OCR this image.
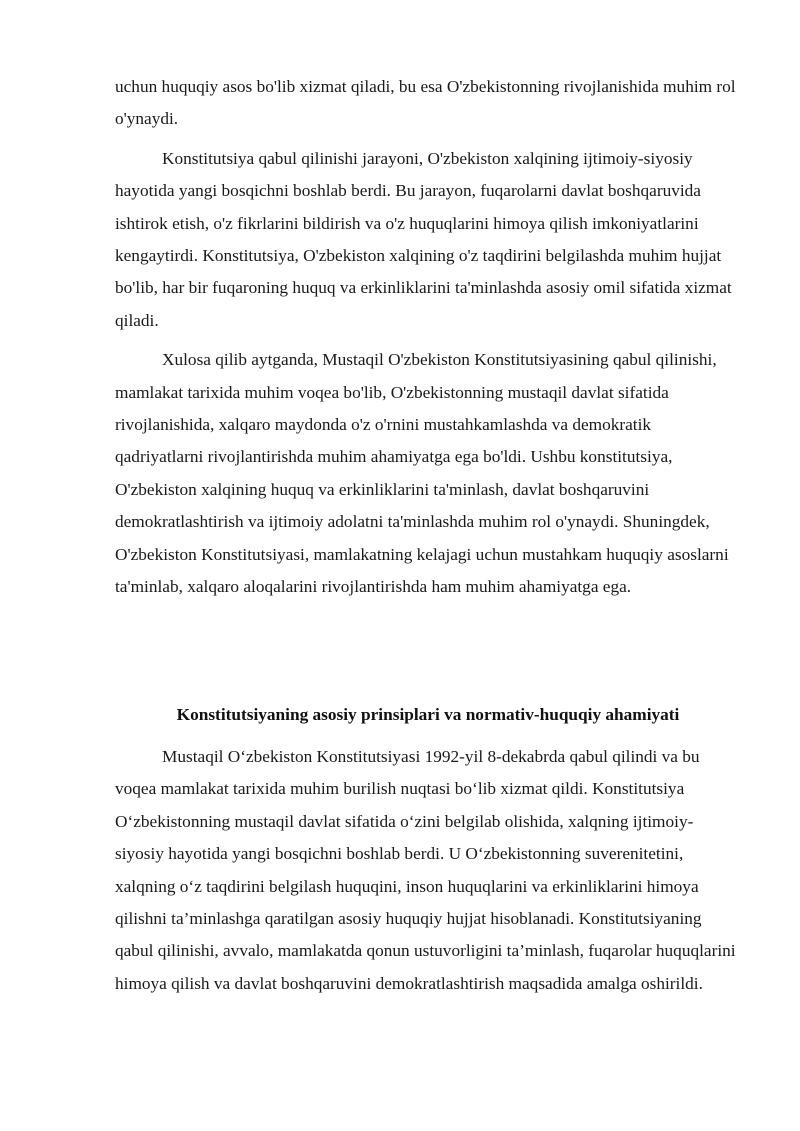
uchun huquqiy asos bo'lib xizmat qiladi, bu esa O'zbekistonning rivojlanishida muhim rol o'ynaydi.

Konstitutsiya qabul qilinishi jarayoni, O'zbekiston xalqining ijtimoiy-siyosiy hayotida yangi bosqichni boshlab berdi. Bu jarayon, fuqarolarni davlat boshqaruvida ishtirok etish, o'z fikrlarini bildirish va o'z huquqlarini himoya qilish imkoniyatlarini kengaytirdi. Konstitutsiya, O'zbekiston xalqining o'z taqdirini belgilashda muhim hujjat bo'lib, har bir fuqaroning huquq va erkinliklarini ta'minlashda asosiy omil sifatida xizmat qiladi.

Xulosa qilib aytganda, Mustaqil O'zbekiston Konstitutsiyasining qabul qilinishi, mamlakat tarixida muhim voqea bo'lib, O'zbekistonning mustaqil davlat sifatida rivojlanishida, xalqaro maydonda o'z o'rnini mustahkamlashda va demokratik qadriyatlarni rivojlantirishda muhim ahamiyatga ega bo'ldi. Ushbu konstitutsiya, O'zbekiston xalqining huquq va erkinliklarini ta'minlash, davlat boshqaruvini demokratlashtirish va ijtimoiy adolatni ta'minlashda muhim rol o'ynaydi. Shuningdek, O'zbekiston Konstitutsiyasi, mamlakatning kelajagi uchun mustahkam huquqiy asoslarni ta'minlab, xalqaro aloqalarini rivojlantirishda ham muhim ahamiyatga ega.

Konstitutsiyaning asosiy prinsiplari va normativ-huquqiy ahamiyati

Mustaqil O‘zbekiston Konstitutsiyasi 1992-yil 8-dekabrda qabul qilindi va bu voqea mamlakat tarixida muhim burilish nuqtasi bo‘lib xizmat qildi. Konstitutsiya O‘zbekistonning mustaqil davlat sifatida o‘zini belgilab olishida, xalqning ijtimoiy-siyosiy hayotida yangi bosqichni boshlab berdi. U O‘zbekistonning suverenitetini, xalqning o‘z taqdirini belgilash huquqini, inson huquqlarini va erkinliklarini himoya qilishni ta’minlashga qaratilgan asosiy huquqiy hujjat hisoblanadi. Konstitutsiyaning qabul qilinishi, avvalo, mamlakatda qonun ustuvorligini ta’minlash, fuqarolar huquqlarini himoya qilish va davlat boshqaruvini demokratlashtirish maqsadida amalga oshirildi.
